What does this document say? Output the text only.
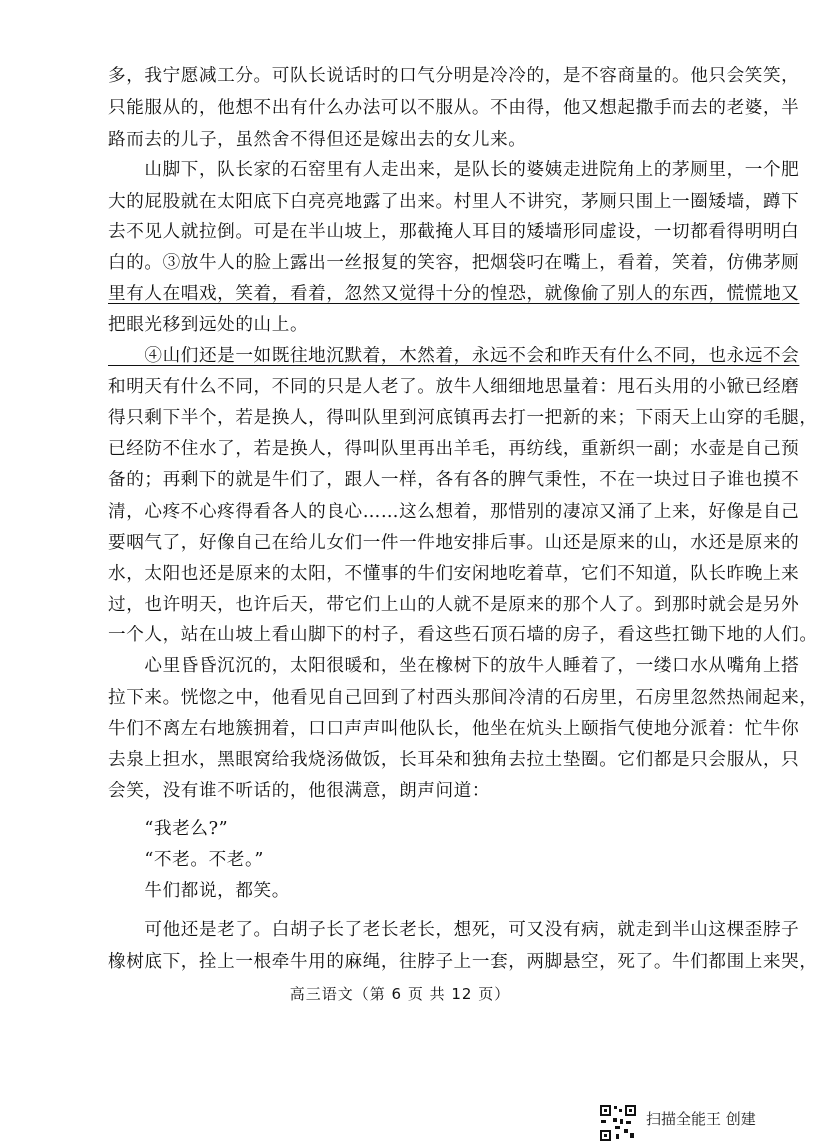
多，我宁愿减工分。可队长说话时的口气分明是冷冷的，是不容商量的。他只会笑笑，
只能服从的，他想不出有什么办法可以不服从。不由得，他又想起撒手而去的老婆，半
路而去的儿子，虽然舍不得但还是嫁出去的女儿来。
　　山脚下，队长家的石窑里有人走出来，是队长的婆姨走进院角上的茅厕里，一个肥
大的屁股就在太阳底下白亮亮地露了出来。村里人不讲究，茅厕只围上一圈矮墙，蹲下
去不见人就拉倒。可是在半山坡上，那截掩人耳目的矮墙形同虚设，一切都看得明明白
白的。③放牛人的脸上露出一丝报复的笑容，把烟袋叼在嘴上，看着，笑着，仿佛茅厕
里有人在唱戏，笑着，看着，忽然又觉得十分的惶恐，就像偷了别人的东西，慌慌地又
把眼光移到远处的山上。
　　④山们还是一如既往地沉默着，木然着，永远不会和昨天有什么不同，也永远不会
和明天有什么不同，不同的只是人老了。放牛人细细地思量着：甩石头用的小锨已经磨
得只剩下半个，若是换人，得叫队里到河底镇再去打一把新的来；下雨天上山穿的毛腿，
已经防不住水了，若是换人，得叫队里再出羊毛，再纺线，重新织一副；水壶是自己预
备的；再剩下的就是牛们了，跟人一样，各有各的脾气秉性，不在一块过日子谁也摸不
清，心疼不心疼得看各人的良心……这么想着，那惜别的凄凉又涌了上来，好像是自己
要咽气了，好像自己在给儿女们一件一件地安排后事。山还是原来的山，水还是原来的
水，太阳也还是原来的太阳，不懂事的牛们安闲地吃着草，它们不知道，队长昨晚上来
过，也许明天，也许后天，带它们上山的人就不是原来的那个人了。到那时就会是另外
一个人，站在山坡上看山脚下的村子，看这些石顶石墙的房子，看这些扛锄下地的人们。
　　心里昏昏沉沉的，太阳很暖和，坐在橡树下的放牛人睡着了，一缕口水从嘴角上搭
拉下来。恍惚之中，他看见自己回到了村西头那间冷清的石房里，石房里忽然热闹起来，
牛们不离左右地簇拥着，口口声声叫他队长，他坐在炕头上颐指气使地分派着：忙牛你
去泉上担水，黑眼窝给我烧汤做饭，长耳朵和独角去拉土垫圈。它们都是只会服从，只
会笑，没有谁不听话的，他很满意，朗声问道：
　　“我老么?”
　　“不老。不老。”
　　牛们都说，都笑。
　　可他还是老了。白胡子长了老长老长，想死，可又没有病，就走到半山这棵歪脖子
橡树底下，拴上一根牵牛用的麻绳，往脖子上一套，两脚悬空，死了。牛们都围上来哭，
高三语文（第 6 页 共 12 页）
扫描全能王 创建
